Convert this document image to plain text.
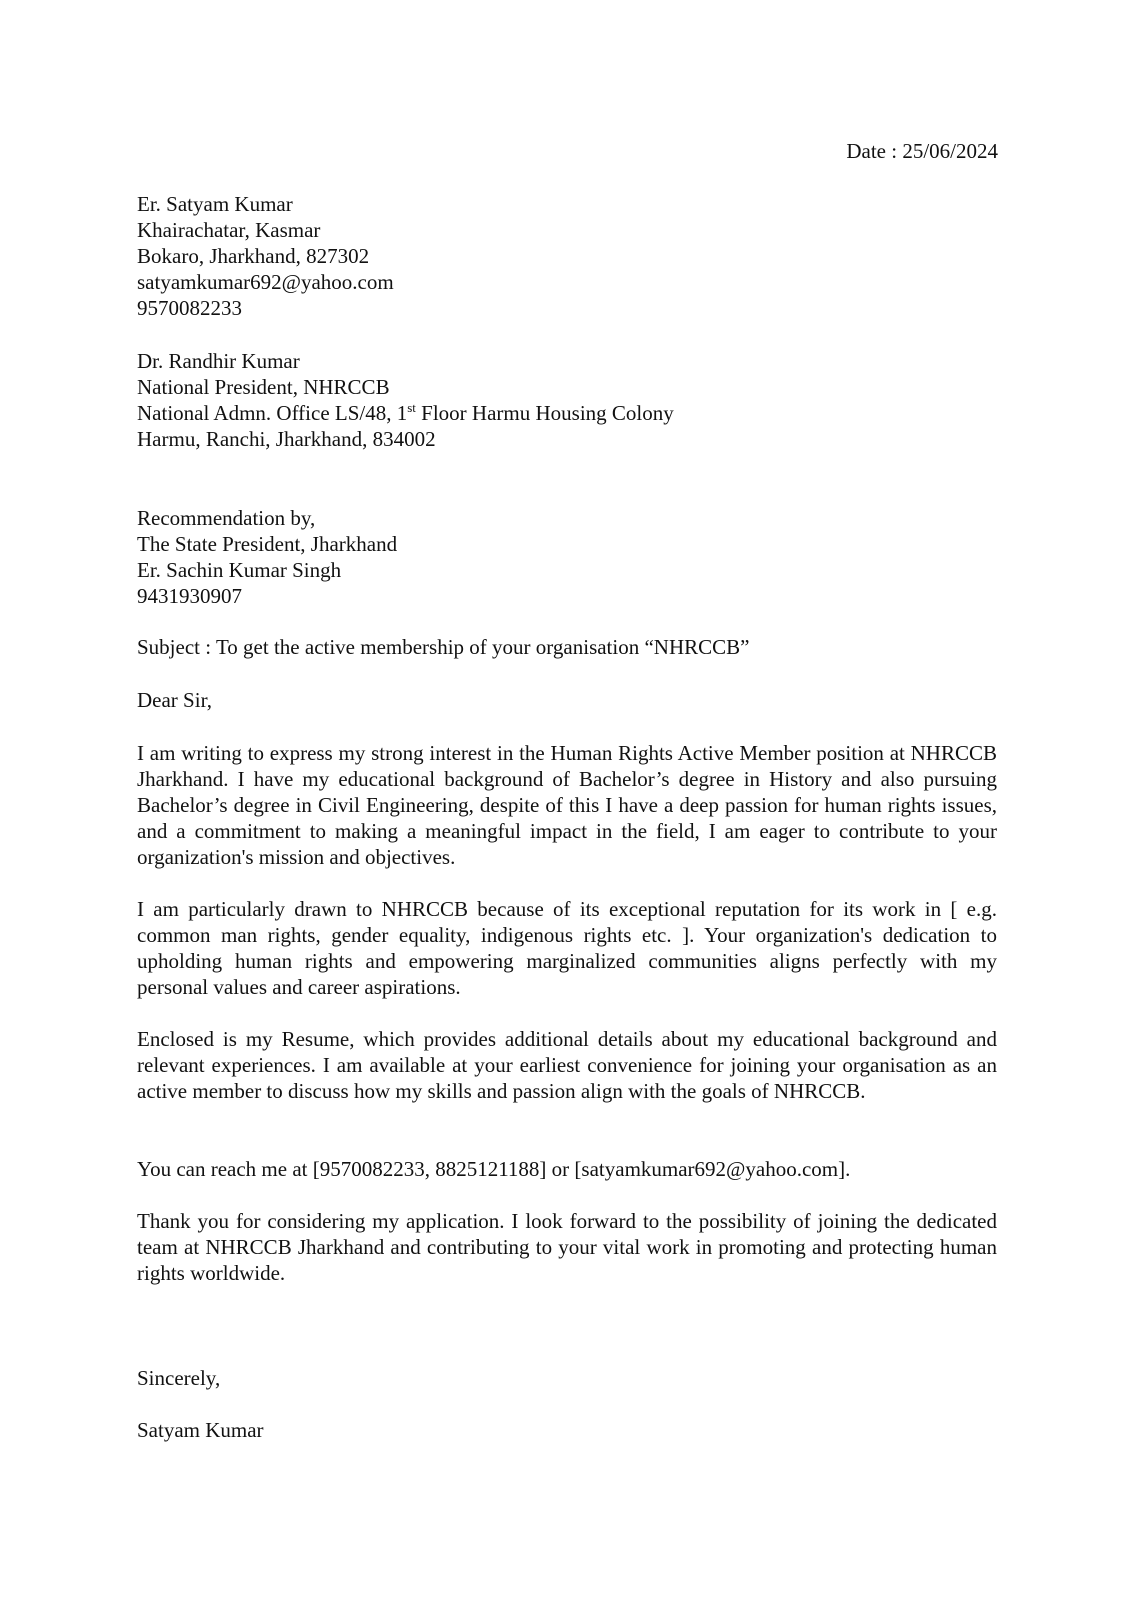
Date : 25/06/2024
Er. Satyam Kumar
Khairachatar, Kasmar
Bokaro, Jharkhand, 827302
satyamkumar692@yahoo.com
9570082233
Dr. Randhir Kumar
National President, NHRCCB
National Admn. Office LS/48, 1st Floor Harmu Housing Colony
Harmu, Ranchi, Jharkhand, 834002
Recommendation by,
The State President, Jharkhand
Er. Sachin Kumar Singh
9431930907
Subject : To get the active membership of your organisation “NHRCCB”
Dear Sir,
I am writing to express my strong interest in the Human Rights Active Member position at NHRCCB Jharkhand. I have my educational background of Bachelor’s degree in History and also pursuing Bachelor’s degree in Civil Engineering, despite of this I have a deep passion for human rights issues, and a commitment to making a meaningful impact in the field, I am eager to contribute to your organization's mission and objectives.
I am particularly drawn to NHRCCB because of its exceptional reputation for its work in [ e.g. common man rights, gender equality, indigenous rights etc. ]. Your organization's dedication to upholding human rights and empowering marginalized communities aligns perfectly with my personal values and career aspirations.
Enclosed is my Resume, which provides additional details about my educational background and relevant experiences. I am available at your earliest convenience for joining your organisation as an active member to discuss how my skills and passion align with the goals of NHRCCB.
You can reach me at [9570082233, 8825121188] or [satyamkumar692@yahoo.com].
Thank you for considering my application. I look forward to the possibility of joining the dedicated team at NHRCCB Jharkhand and contributing to your vital work in promoting and protecting human rights worldwide.
Sincerely,
Satyam Kumar
